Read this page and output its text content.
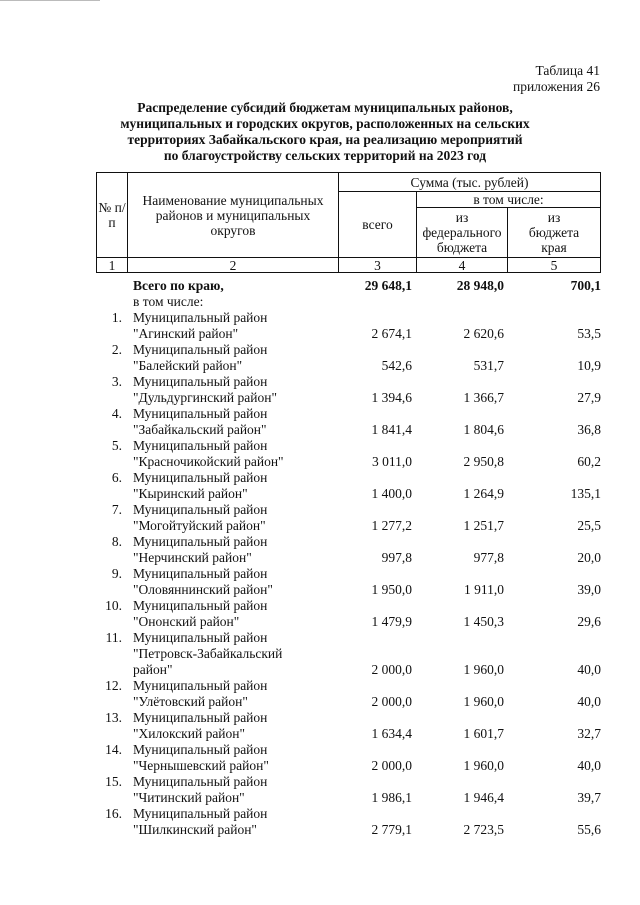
Таблица 41
приложения 26
Распределение субсидий бюджетам муниципальных районов,
муниципальных и городских округов, расположенных на сельских
территориях Забайкальского края, на реализацию мероприятий
по благоустройству сельских территорий на 2023 год
№ п/п
Наименование муниципальных районов и муниципальных округов
Сумма (тыс. рублей)
всего
в том числе:
из федерального бюджета
из бюджета края
1	2	3	4	5
Всего по краю,	29 648,1	28 948,0	700,1
в том числе:
1. Муниципальный район
"Агинский район"	2 674,1	2 620,6	53,5
2. Муниципальный район
"Балейский район"	542,6	531,7	10,9
3. Муниципальный район
"Дульдургинский район"	1 394,6	1 366,7	27,9
4. Муниципальный район
"Забайкальский район"	1 841,4	1 804,6	36,8
5. Муниципальный район
"Красночикойский район"	3 011,0	2 950,8	60,2
6. Муниципальный район
"Кыринский район"	1 400,0	1 264,9	135,1
7. Муниципальный район
"Могойтуйский район"	1 277,2	1 251,7	25,5
8. Муниципальный район
"Нерчинский район"	997,8	977,8	20,0
9. Муниципальный район
"Оловяннинский район"	1 950,0	1 911,0	39,0
10. Муниципальный район
"Ононский район"	1 479,9	1 450,3	29,6
11. Муниципальный район
"Петровск-Забайкальский
район"	2 000,0	1 960,0	40,0
12. Муниципальный район
"Улётовский район"	2 000,0	1 960,0	40,0
13. Муниципальный район
"Хилокский район"	1 634,4	1 601,7	32,7
14. Муниципальный район
"Чернышевский район"	2 000,0	1 960,0	40,0
15. Муниципальный район
"Читинский район"	1 986,1	1 946,4	39,7
16. Муниципальный район
"Шилкинский район"	2 779,1	2 723,5	55,6
